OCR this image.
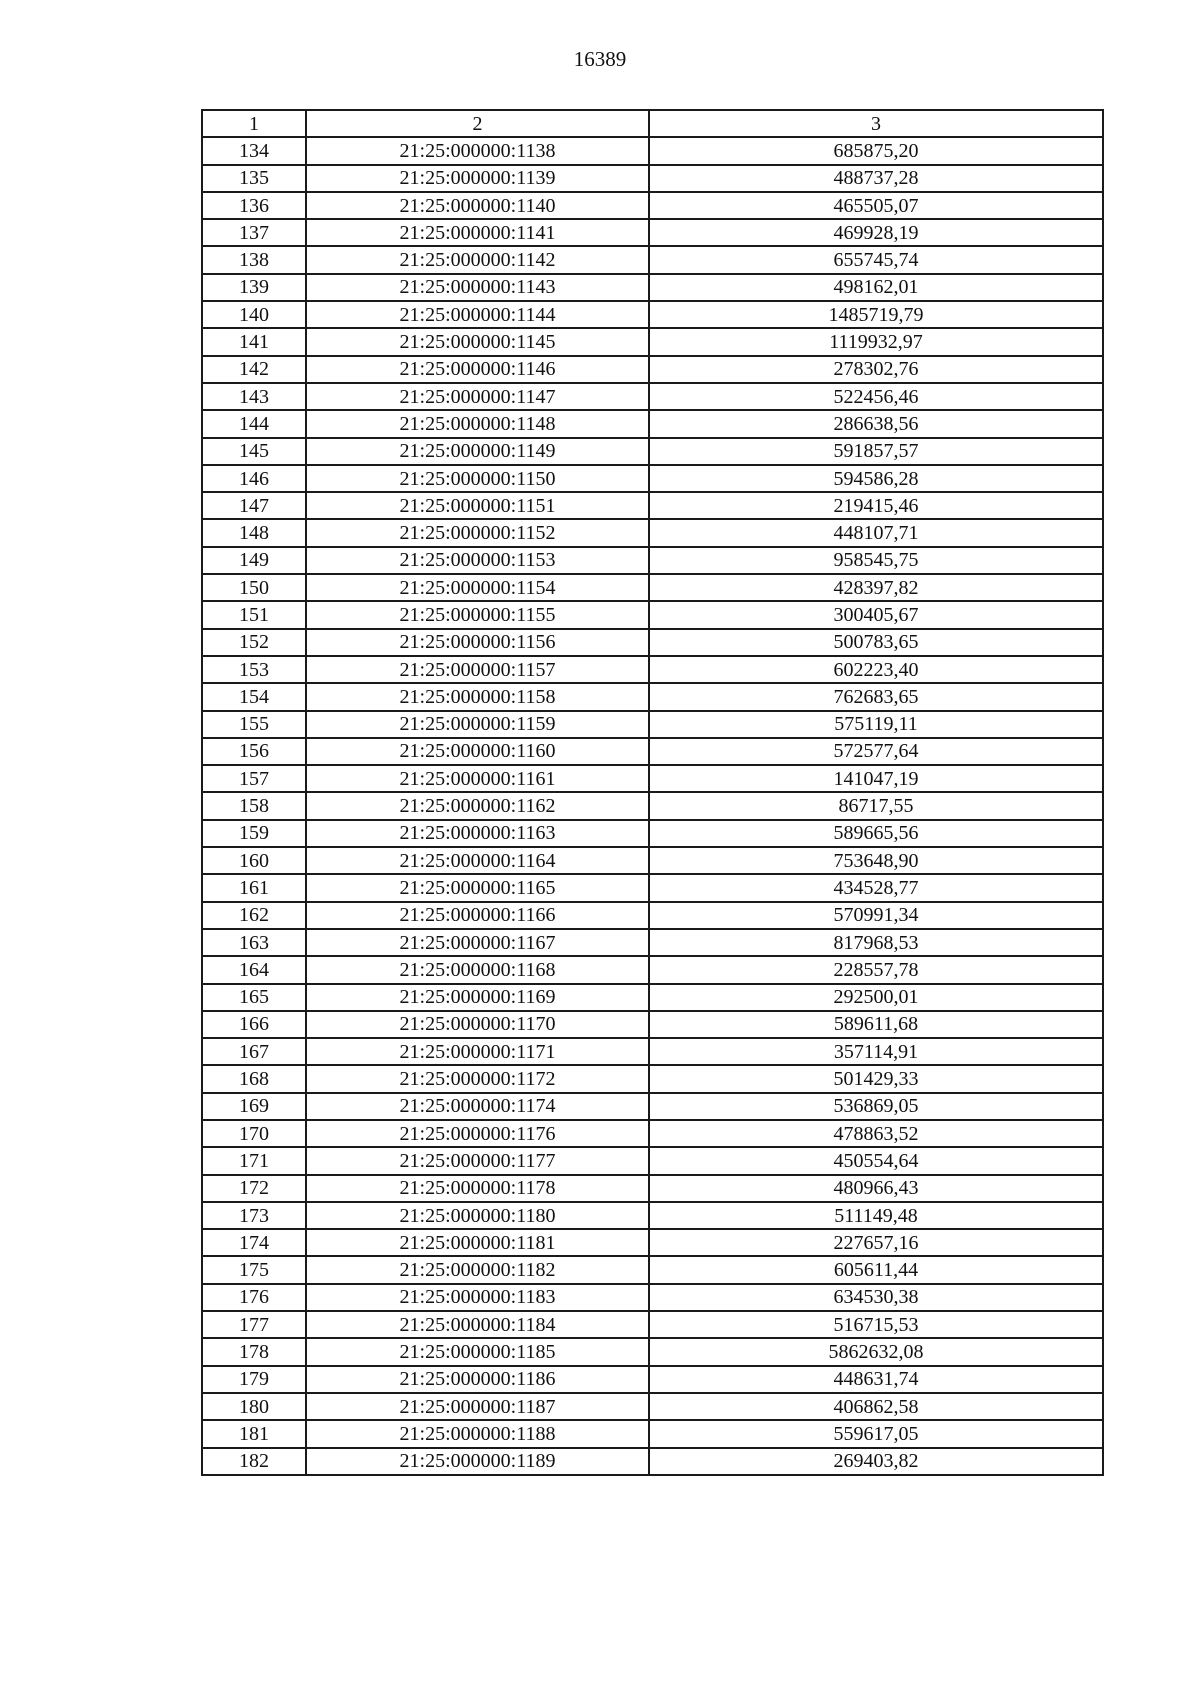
16389
1	2	3
134	21:25:000000:1138	685875,20
135	21:25:000000:1139	488737,28
136	21:25:000000:1140	465505,07
137	21:25:000000:1141	469928,19
138	21:25:000000:1142	655745,74
139	21:25:000000:1143	498162,01
140	21:25:000000:1144	1485719,79
141	21:25:000000:1145	1119932,97
142	21:25:000000:1146	278302,76
143	21:25:000000:1147	522456,46
144	21:25:000000:1148	286638,56
145	21:25:000000:1149	591857,57
146	21:25:000000:1150	594586,28
147	21:25:000000:1151	219415,46
148	21:25:000000:1152	448107,71
149	21:25:000000:1153	958545,75
150	21:25:000000:1154	428397,82
151	21:25:000000:1155	300405,67
152	21:25:000000:1156	500783,65
153	21:25:000000:1157	602223,40
154	21:25:000000:1158	762683,65
155	21:25:000000:1159	575119,11
156	21:25:000000:1160	572577,64
157	21:25:000000:1161	141047,19
158	21:25:000000:1162	86717,55
159	21:25:000000:1163	589665,56
160	21:25:000000:1164	753648,90
161	21:25:000000:1165	434528,77
162	21:25:000000:1166	570991,34
163	21:25:000000:1167	817968,53
164	21:25:000000:1168	228557,78
165	21:25:000000:1169	292500,01
166	21:25:000000:1170	589611,68
167	21:25:000000:1171	357114,91
168	21:25:000000:1172	501429,33
169	21:25:000000:1174	536869,05
170	21:25:000000:1176	478863,52
171	21:25:000000:1177	450554,64
172	21:25:000000:1178	480966,43
173	21:25:000000:1180	511149,48
174	21:25:000000:1181	227657,16
175	21:25:000000:1182	605611,44
176	21:25:000000:1183	634530,38
177	21:25:000000:1184	516715,53
178	21:25:000000:1185	5862632,08
179	21:25:000000:1186	448631,74
180	21:25:000000:1187	406862,58
181	21:25:000000:1188	559617,05
182	21:25:000000:1189	269403,82
